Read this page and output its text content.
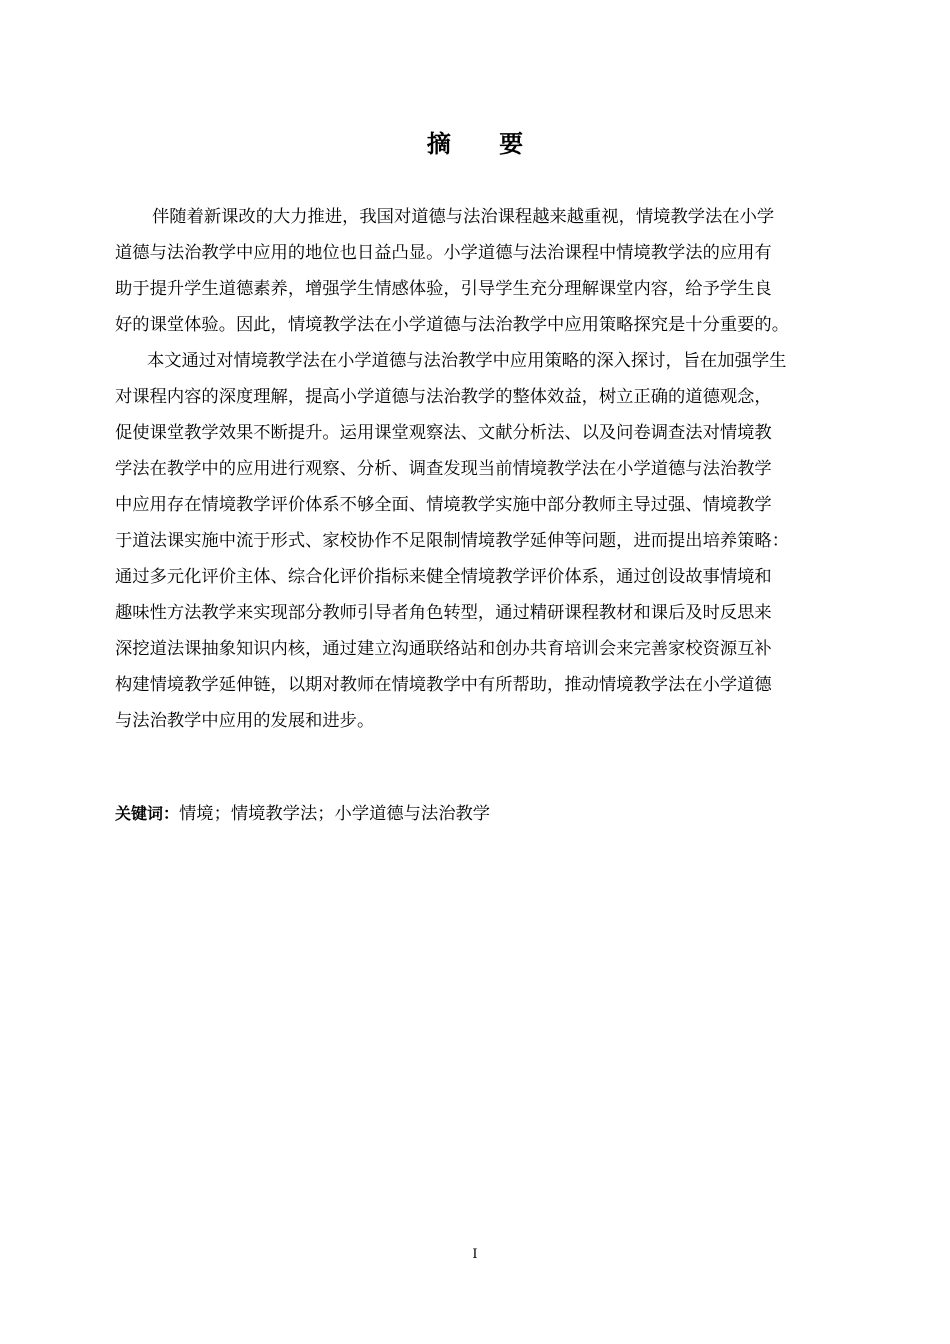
摘 要
伴随着新课改的大力推进，我国对道德与法治课程越来越重视，情境教学法在小学
道德与法治教学中应用的地位也日益凸显。小学道德与法治课程中情境教学法的应用有
助于提升学生道德素养，增强学生情感体验，引导学生充分理解课堂内容，给予学生良
好的课堂体验。因此，情境教学法在小学道德与法治教学中应用策略探究是十分重要的。
本文通过对情境教学法在小学道德与法治教学中应用策略的深入探讨，旨在加强学生
对课程内容的深度理解，提高小学道德与法治教学的整体效益，树立正确的道德观念，
促使课堂教学效果不断提升。运用课堂观察法、文献分析法、以及问卷调查法对情境教
学法在教学中的应用进行观察、分析、调查发现当前情境教学法在小学道德与法治教学
中应用存在情境教学评价体系不够全面、情境教学实施中部分教师主导过强、情境教学
于道法课实施中流于形式、家校协作不足限制情境教学延伸等问题，进而提出培养策略：
通过多元化评价主体、综合化评价指标来健全情境教学评价体系，通过创设故事情境和
趣味性方法教学来实现部分教师引导者角色转型，通过精研课程教材和课后及时反思来
深挖道法课抽象知识内核，通过建立沟通联络站和创办共育培训会来完善家校资源互补
构建情境教学延伸链，以期对教师在情境教学中有所帮助，推动情境教学法在小学道德
与法治教学中应用的发展和进步。
关键词：情境；情境教学法；小学道德与法治教学
I
